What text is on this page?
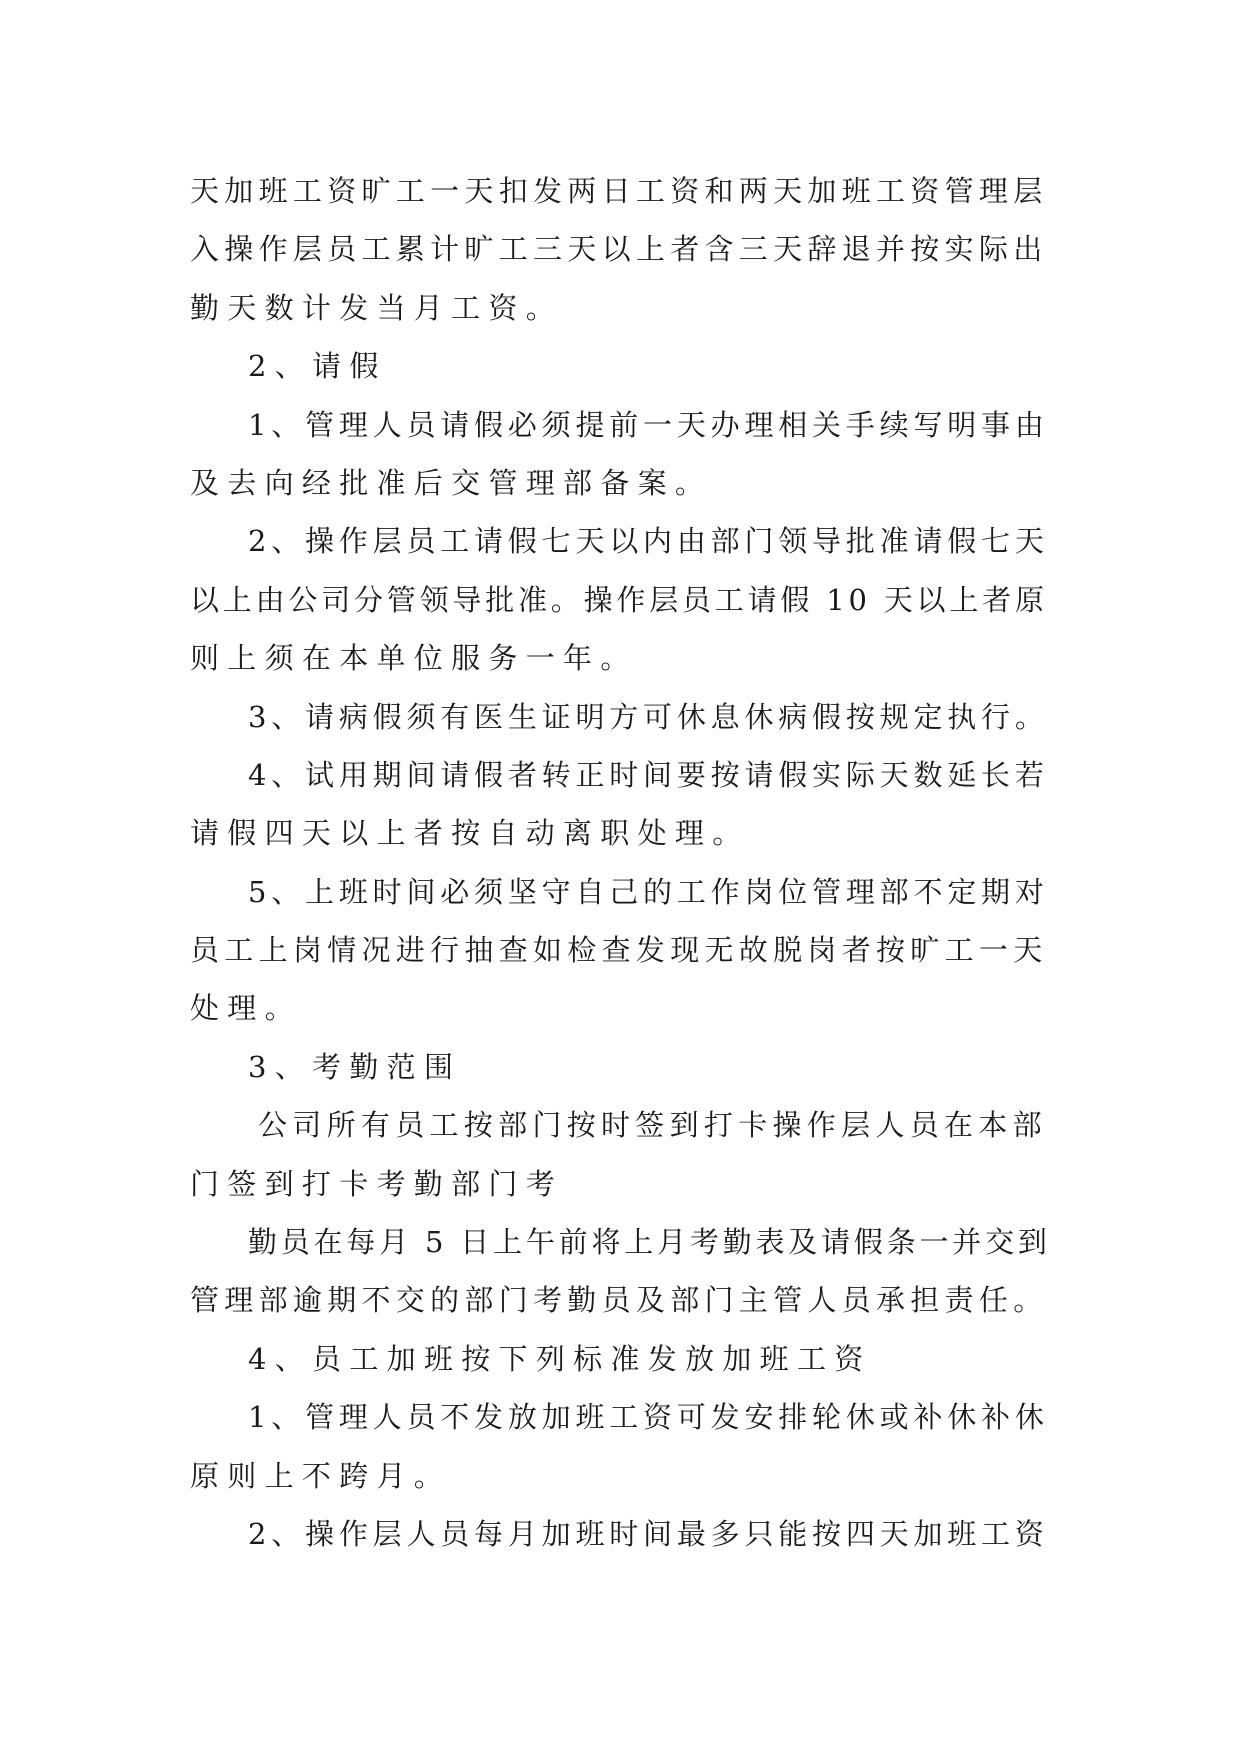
天加班工资旷工一天扣发两日工资和两天加班工资管理层
入操作层员工累计旷工三天以上者含三天辞退并按实际出
勤天数计发当月工资。
2、请假
1、管理人员请假必须提前一天办理相关手续写明事由
及去向经批准后交管理部备案。
2、操作层员工请假七天以内由部门领导批准请假七天
以上由公司分管领导批准。操作层员工请假 10 天以上者原
则上须在本单位服务一年。
3、请病假须有医生证明方可休息休病假按规定执行。
4、试用期间请假者转正时间要按请假实际天数延长若
请假四天以上者按自动离职处理。
5、上班时间必须坚守自己的工作岗位管理部不定期对
员工上岗情况进行抽查如检查发现无故脱岗者按旷工一天
处理。
3、考勤范围
公司所有员工按部门按时签到打卡操作层人员在本部
门签到打卡考勤部门考
勤员在每月 5 日上午前将上月考勤表及请假条一并交到
管理部逾期不交的部门考勤员及部门主管人员承担责任。
4、员工加班按下列标准发放加班工资
1、管理人员不发放加班工资可发安排轮休或补休补休
原则上不跨月。
2、操作层人员每月加班时间最多只能按四天加班工资
